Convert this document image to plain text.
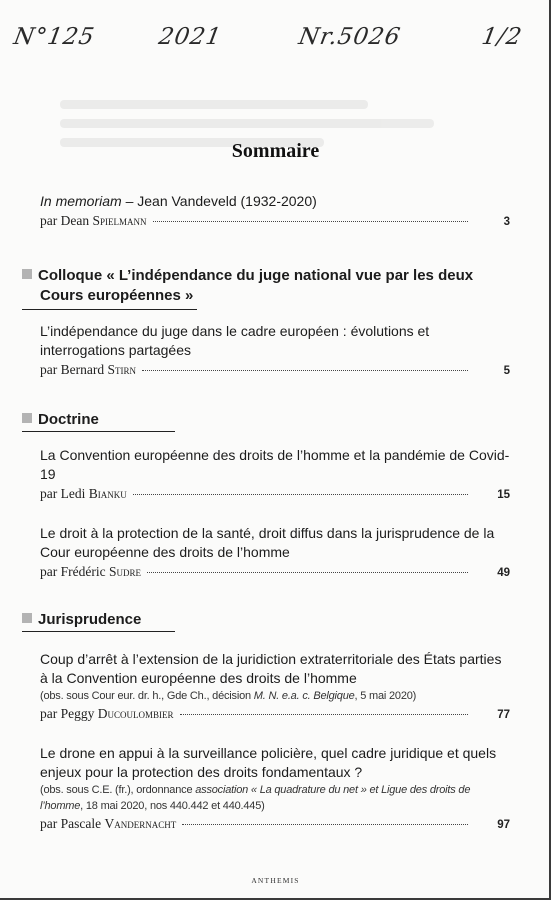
N°125	2021	Nr.5026	1/2
Sommaire
In memoriam – Jean Vandeveld (1932-2020)
par Dean Spielmann	3
Colloque « L’indépendance du juge national vue par les deux
Cours européennes »
L’indépendance du juge dans le cadre européen : évolutions et interrogations partagées
par Bernard Stirn	5
Doctrine
La Convention européenne des droits de l’homme et la pandémie de Covid-19
par Ledi Bianku	15
Le droit à la protection de la santé, droit diffus dans la jurisprudence de la Cour européenne des droits de l’homme
par Frédéric Sudre	49
Jurisprudence
Coup d’arrêt à l’extension de la juridiction extraterritoriale des États parties à la Convention européenne des droits de l’homme
(obs. sous Cour eur. dr. h., Gde Ch., décision M. N. e.a. c. Belgique, 5 mai 2020)
par Peggy Ducoulombier	77
Le drone en appui à la surveillance policière, quel cadre juridique et quels enjeux pour la protection des droits fondamentaux ?
(obs. sous C.E. (fr.), ordonnance association « La quadrature du net » et Ligue des droits de l’homme, 18 mai 2020, nos 440.442 et 440.445)
par Pascale Vandernacht	97
ANTHEMIS
